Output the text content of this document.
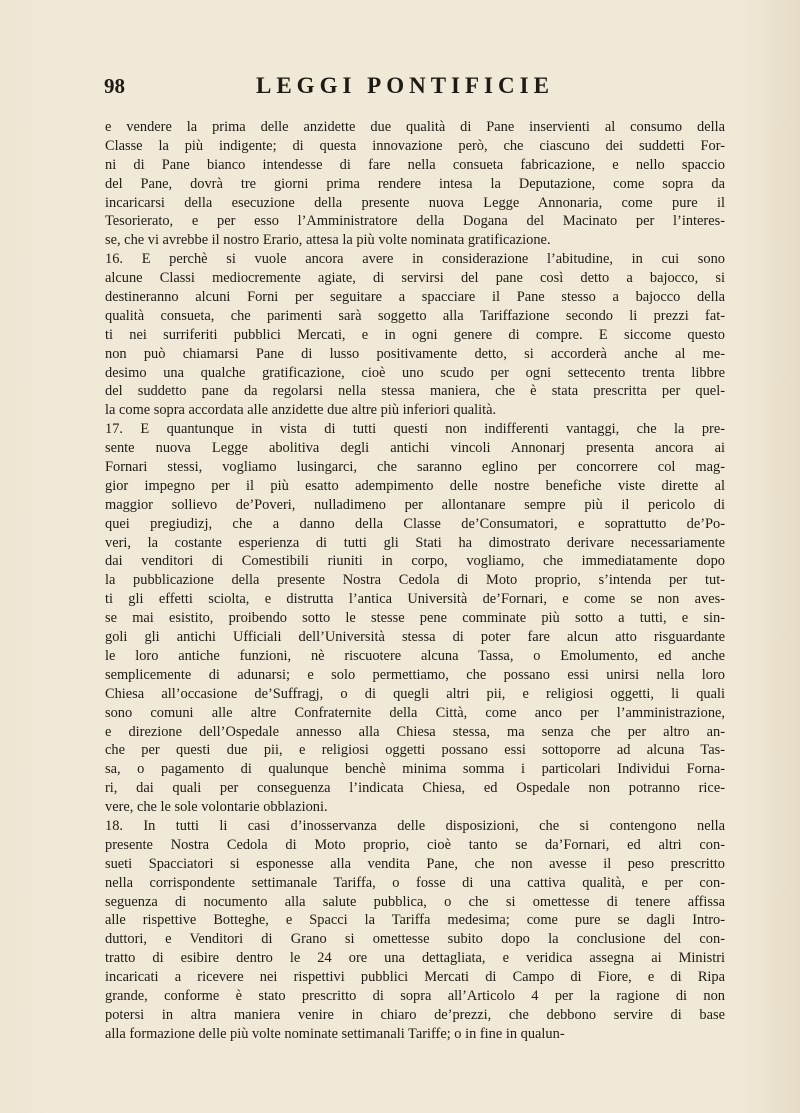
98	LEGGI PONTIFICIE
e vendere la prima delle anzidette due qualità di Pane inservienti al consumo della
Classe la più indigente; di questa innovazione però, che ciascuno dei suddetti For-
ni di Pane bianco intendesse di fare nella consueta fabricazione, e nello spaccio
del Pane, dovrà tre giorni prima rendere intesa la Deputazione, come sopra da
incaricarsi della esecuzione della presente nuova Legge Annonaria, come pure il
Tesorierato, e per esso l’Amministratore della Dogana del Macinato per l’interes-
se, che vi avrebbe il nostro Erario, attesa la più volte nominata gratificazione.
16. E perchè si vuole ancora avere in considerazione l’abitudine, in cui sono
alcune Classi mediocremente agiate, di servirsi del pane così detto a bajocco, si
destineranno alcuni Forni per seguitare a spacciare il Pane stesso a bajocco della
qualità consueta, che parimenti sarà soggetto alla Tariffazione secondo li prezzi fat-
ti nei surriferiti pubblici Mercati, e in ogni genere di compre. E siccome questo
non può chiamarsi Pane di lusso positivamente detto, si accorderà anche al me-
desimo una qualche gratificazione, cioè uno scudo per ogni settecento trenta libbre
del suddetto pane da regolarsi nella stessa maniera, che è stata prescritta per quel-
la come sopra accordata alle anzidette due altre più inferiori qualità.
17. E quantunque in vista di tutti questi non indifferenti vantaggi, che la pre-
sente nuova Legge abolitiva degli antichi vincoli Annonarj presenta ancora ai
Fornari stessi, vogliamo lusingarci, che saranno eglino per concorrere col mag-
gior impegno per il più esatto adempimento delle nostre benefiche viste dirette al
maggior sollievo de’Poveri, nulladimeno per allontanare sempre più il pericolo di
quei pregiudizj, che a danno della Classe de’Consumatori, e soprattutto de’Po-
veri, la costante esperienza di tutti gli Stati ha dimostrato derivare necessariamente
dai venditori di Comestibili riuniti in corpo, vogliamo, che immediatamente dopo
la pubblicazione della presente Nostra Cedola di Moto proprio, s’intenda per tut-
ti gli effetti sciolta, e distrutta l’antica Università de’Fornari, e come se non aves-
se mai esistito, proibendo sotto le stesse pene comminate più sotto a tutti, e sin-
goli gli antichi Ufficiali dell’Università stessa di poter fare alcun atto risguardante
le loro antiche funzioni, nè riscuotere alcuna Tassa, o Emolumento, ed anche
semplicemente di adunarsi; e solo permettiamo, che possano essi unirsi nella loro
Chiesa all’occasione de’Suffragj, o di quegli altri pii, e religiosi oggetti, li quali
sono comuni alle altre Confraternite della Città, come anco per l’amministrazione,
e direzione dell’Ospedale annesso alla Chiesa stessa, ma senza che per altro an-
che per questi due pii, e religiosi oggetti possano essi sottoporre ad alcuna Tas-
sa, o pagamento di qualunque benchè minima somma i particolari Individui Forna-
ri, dai quali per conseguenza l’indicata Chiesa, ed Ospedale non potranno rice-
vere, che le sole volontarie obblazioni.
18. In tutti li casi d’inosservanza delle disposizioni, che si contengono nella
presente Nostra Cedola di Moto proprio, cioè tanto se da’Fornari, ed altri con-
sueti Spacciatori si esponesse alla vendita Pane, che non avesse il peso prescritto
nella corrispondente settimanale Tariffa, o fosse di una cattiva qualità, e per con-
seguenza di nocumento alla salute pubblica, o che si omettesse di tenere affissa
alle rispettive Botteghe, e Spacci la Tariffa medesima; come pure se dagli Intro-
duttori, e Venditori di Grano si omettesse subito dopo la conclusione del con-
tratto di esibire dentro le 24 ore una dettagliata, e veridica assegna ai Ministri
incaricati a ricevere nei rispettivi pubblici Mercati di Campo di Fiore, e di Ripa
grande, conforme è stato prescritto di sopra all’Articolo 4 per la ragione di non
potersi in altra maniera venire in chiaro de’prezzi, che debbono servire di base
alla formazione delle più volte nominate settimanali Tariffe; o in fine in qualun-
